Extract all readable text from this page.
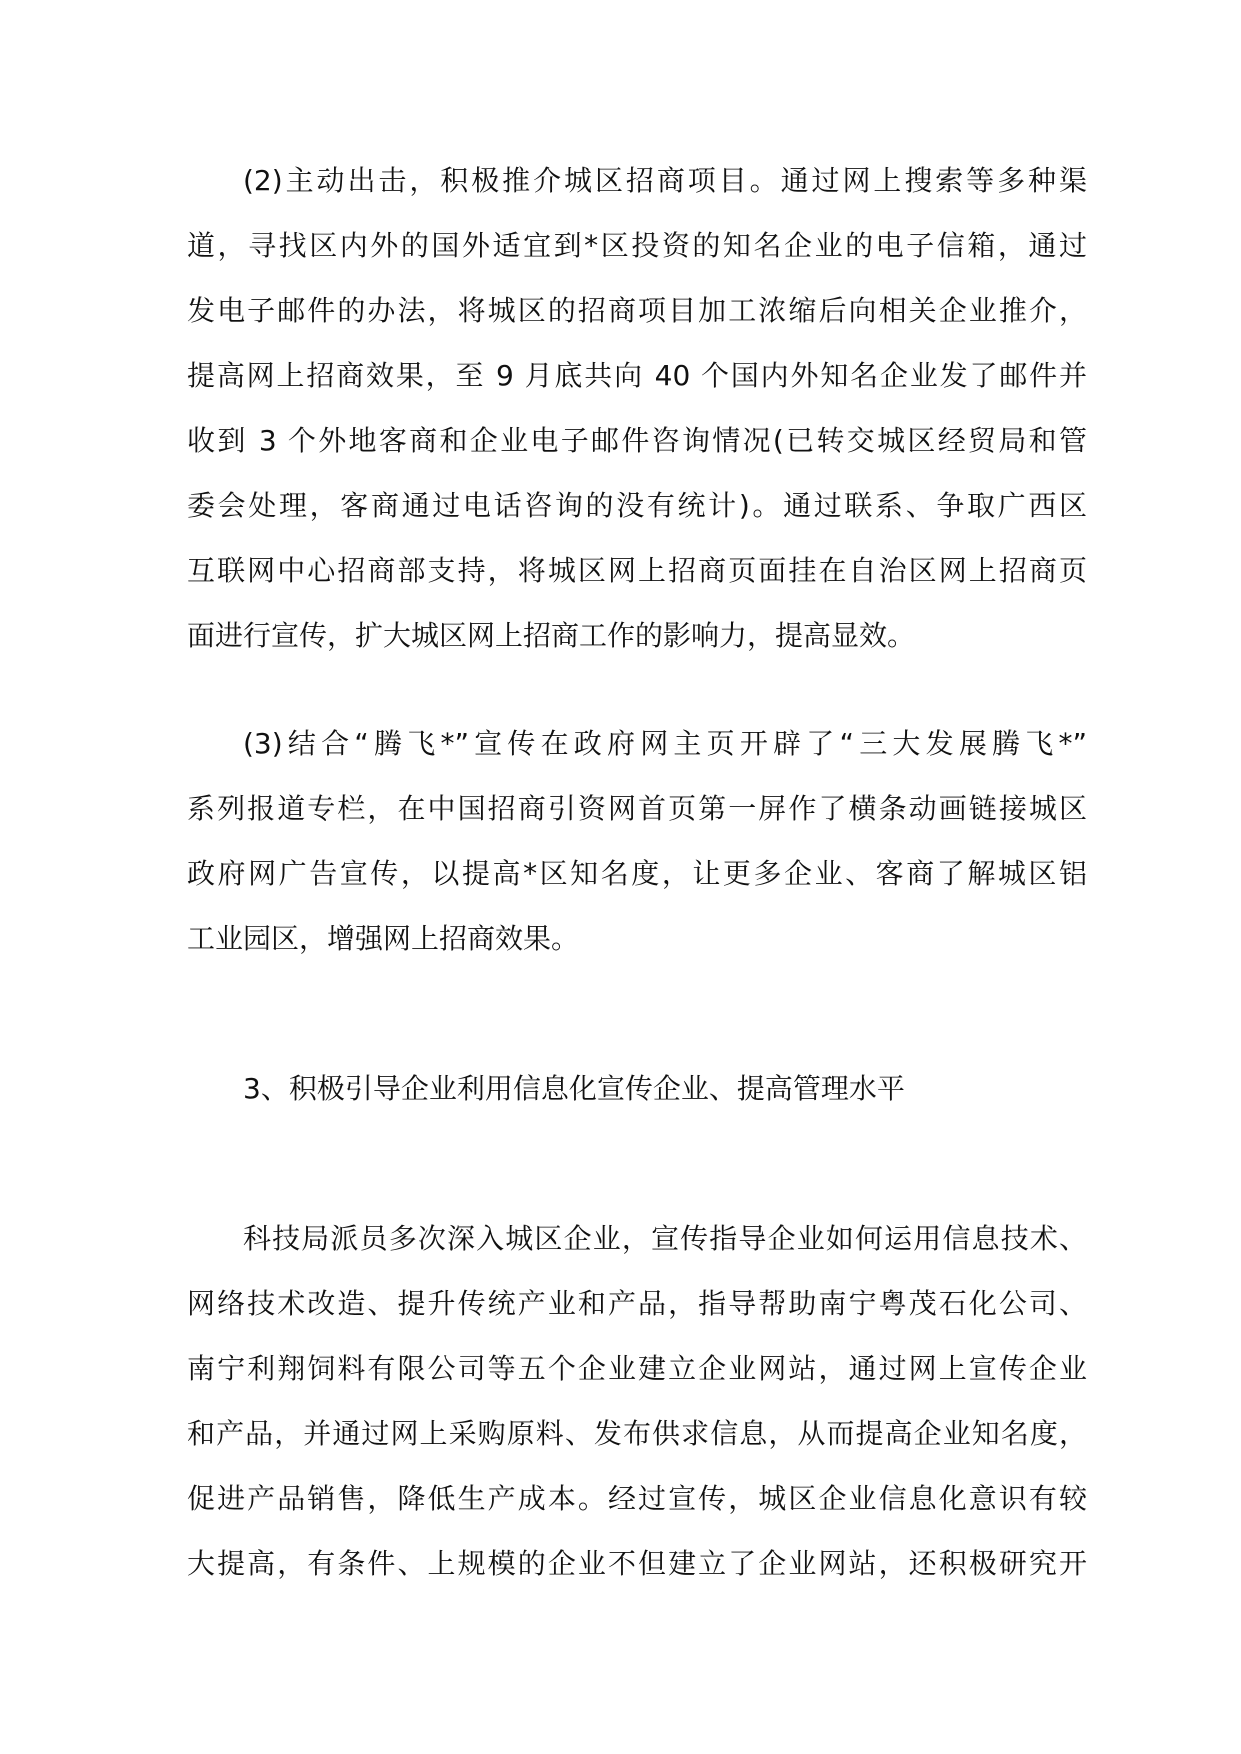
(2)主动出击，积极推介城区招商项目。通过网上搜索等多种渠
道，寻找区内外的国外适宜到*区投资的知名企业的电子信箱，通过
发电子邮件的办法，将城区的招商项目加工浓缩后向相关企业推介，
提高网上招商效果，至 9 月底共向 40 个国内外知名企业发了邮件并
收到 3 个外地客商和企业电子邮件咨询情况(已转交城区经贸局和管
委会处理，客商通过电话咨询的没有统计)。通过联系、争取广西区
互联网中心招商部支持，将城区网上招商页面挂在自治区网上招商页
面进行宣传，扩大城区网上招商工作的影响力，提高显效。
(3)结合“腾飞*”宣传在政府网主页开辟了“三大发展腾飞*”
系列报道专栏，在中国招商引资网首页第一屏作了横条动画链接城区
政府网广告宣传，以提高*区知名度，让更多企业、客商了解城区铝
工业园区，增强网上招商效果。
3、积极引导企业利用信息化宣传企业、提高管理水平
科技局派员多次深入城区企业，宣传指导企业如何运用信息技术、
网络技术改造、提升传统产业和产品，指导帮助南宁粤茂石化公司、
南宁利翔饲料有限公司等五个企业建立企业网站，通过网上宣传企业
和产品，并通过网上采购原料、发布供求信息，从而提高企业知名度，
促进产品销售，降低生产成本。经过宣传，城区企业信息化意识有较
大提高，有条件、上规模的企业不但建立了企业网站，还积极研究开
